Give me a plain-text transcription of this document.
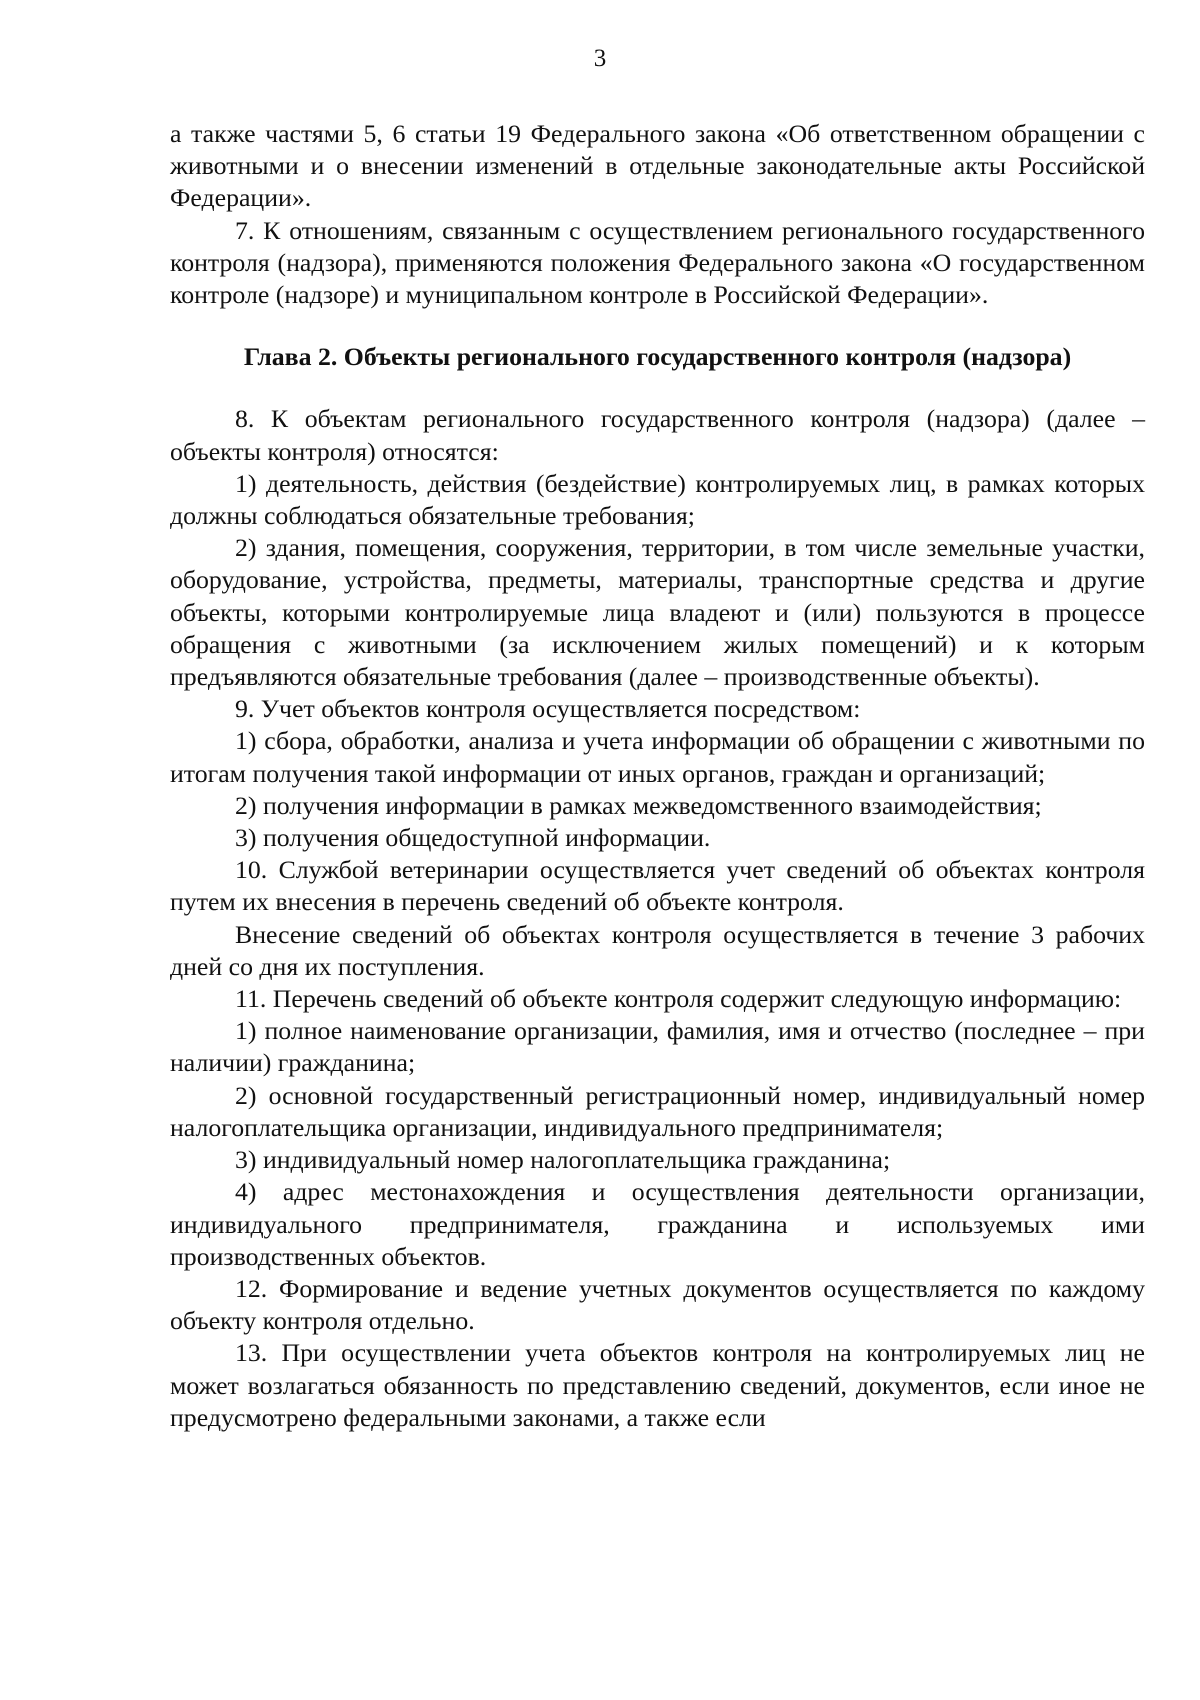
3

а также частями 5, 6 статьи 19 Федерального закона «Об ответственном обращении с животными и о внесении изменений в отдельные законодательные акты Российской Федерации».

7. К отношениям, связанным с осуществлением регионального государственного контроля (надзора), применяются положения Федерального закона «О государственном контроле (надзоре) и муниципальном контроле в Российской Федерации».

Глава 2. Объекты регионального государственного контроля (надзора)

8. К объектам регионального государственного контроля (надзора) (далее – объекты контроля) относятся:

1) деятельность, действия (бездействие) контролируемых лиц, в рамках которых должны соблюдаться обязательные требования;

2) здания, помещения, сооружения, территории, в том числе земельные участки, оборудование, устройства, предметы, материалы, транспортные средства и другие объекты, которыми контролируемые лица владеют и (или) пользуются в процессе обращения с животными (за исключением жилых помещений) и к которым предъявляются обязательные требования (далее – производственные объекты).

9. Учет объектов контроля осуществляется посредством:

1) сбора, обработки, анализа и учета информации об обращении с животными по итогам получения такой информации от иных органов, граждан и организаций;

2) получения информации в рамках межведомственного взаимодействия;

3) получения общедоступной информации.

10. Службой ветеринарии осуществляется учет сведений об объектах контроля путем их внесения в перечень сведений об объекте контроля.

Внесение сведений об объектах контроля осуществляется в течение 3 рабочих дней со дня их поступления.

11. Перечень сведений об объекте контроля содержит следующую информацию:

1) полное наименование организации, фамилия, имя и отчество (последнее – при наличии) гражданина;

2) основной государственный регистрационный номер, индивидуальный номер налогоплательщика организации, индивидуального предпринимателя;

3) индивидуальный номер налогоплательщика гражданина;

4) адрес местонахождения и осуществления деятельности организации, индивидуального предпринимателя, гражданина и используемых ими производственных объектов.

12. Формирование и ведение учетных документов осуществляется по каждому объекту контроля отдельно.

13. При осуществлении учета объектов контроля на контролируемых лиц не может возлагаться обязанность по представлению сведений, документов, если иное не предусмотрено федеральными законами, а также если
